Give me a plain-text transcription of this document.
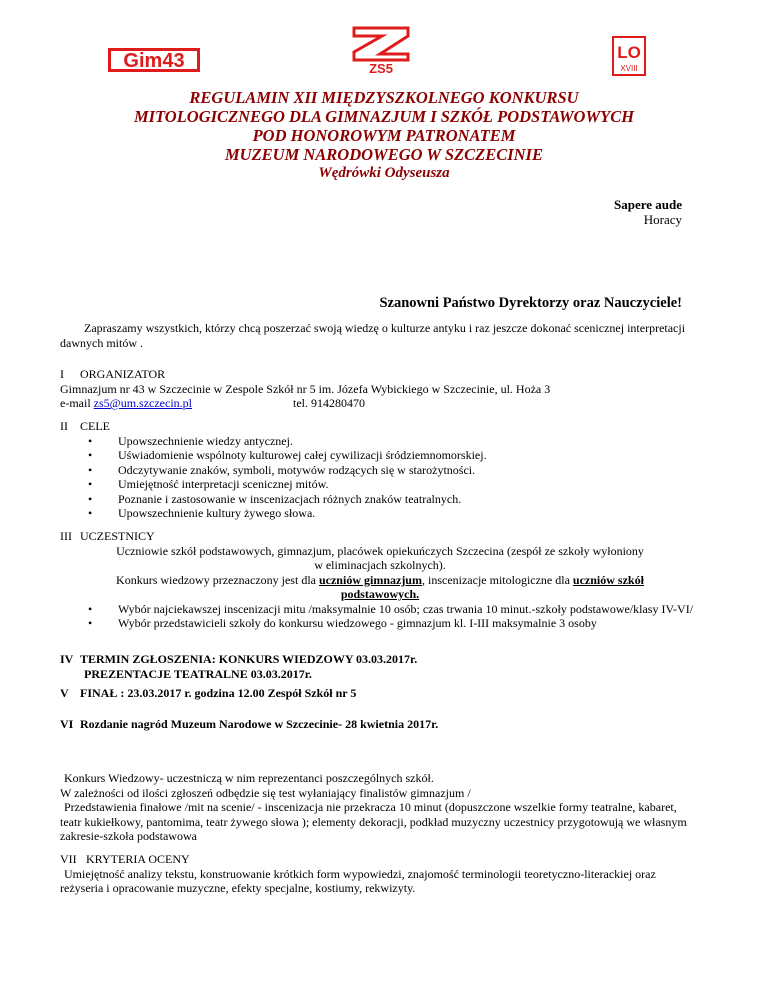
Gim43	ZS5
LO
XVIII
REGULAMIN XII MIĘDZYSZKOLNEGO KONKURSU
MITOLOGICZNEGO DLA GIMNAZJUM I SZKÓŁ PODSTAWOWYCH
POD HONOROWYM PATRONATEM
MUZEUM NARODOWEGO W SZCZECINIE
Wędrówki Odyseusza
Sapere aude
Horacy
Szanowni Państwo Dyrektorzy oraz Nauczyciele!
Zapraszamy wszystkich, którzy chcą poszerzać swoją wiedzę o kulturze antyku i raz jeszcze dokonać scenicznej interpretacji dawnych mitów .
I	ORGANIZATOR
Gimnazjum nr 43 w Szczecinie w Zespole Szkół nr 5 im. Józefa Wybickiego w Szczecinie, ul. Hoża 3
e-mail zs5@um.szczecin.pl	tel. 914280470
II	CELE
• Upowszechnienie wiedzy antycznej.
• Uświadomienie wspólnoty kulturowej całej cywilizacji śródziemnomorskiej.
• Odczytywanie znaków, symboli, motywów rodzących się w starożytności.
• Umiejętność interpretacji scenicznej mitów.
• Poznanie i zastosowanie w inscenizacjach różnych znaków teatralnych.
• Upowszechnienie kultury żywego słowa.
III UCZESTNICY
Uczniowie szkół podstawowych, gimnazjum, placówek opiekuńczych Szczecina (zespół ze szkoły wyłoniony
w eliminacjach szkolnych).
Konkurs wiedzowy przeznaczony jest dla uczniów gimnazjum, inscenizacje mitologiczne dla uczniów szkół
podstawowych.
• Wybór najciekawszej inscenizacji mitu /maksymalnie 10 osób; czas trwania 10 minut.-szkoły podstawowe/klasy IV-VI/
• Wybór przedstawicieli szkoły do konkursu wiedzowego - gimnazjum kl. I-III maksymalnie 3 osoby
IV TERMIN ZGŁOSZENIA: KONKURS WIEDZOWY 03.03.2017r.
PREZENTACJE TEATRALNE 03.03.2017r.
V FINAŁ : 23.03.2017 r. godzina 12.00 Zespół Szkół nr 5
VI Rozdanie nagród Muzeum Narodowe w Szczecinie- 28 kwietnia 2017r.
Konkurs Wiedzowy- uczestniczą w nim reprezentanci poszczególnych szkół.
W zależności od ilości zgłoszeń odbędzie się test wyłaniający finalistów gimnazjum /
Przedstawienia finałowe /mit na scenie/ - inscenizacja nie przekracza 10 minut (dopuszczone wszelkie formy teatralne, kabaret, teatr kukiełkowy, pantomima, teatr żywego słowa ); elementy dekoracji, podkład muzyczny uczestnicy przygotowują we własnym zakresie-szkoła podstawowa
VII KRYTERIA OCENY
Umiejętność analizy tekstu, konstruowanie krótkich form wypowiedzi, znajomość terminologii teoretyczno-literackiej oraz reżyseria i opracowanie muzyczne, efekty specjalne, kostiumy, rekwizyty.
